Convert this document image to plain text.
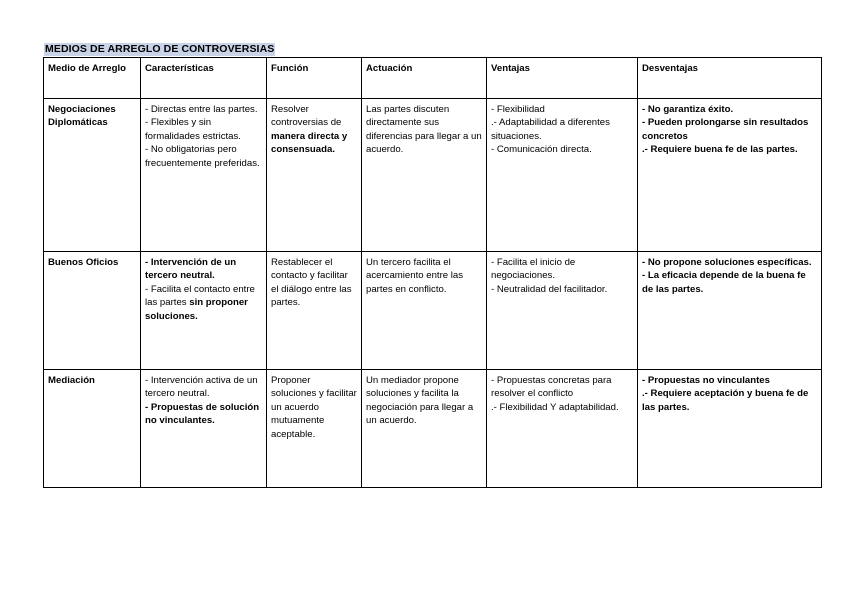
MEDIOS DE ARREGLO DE CONTROVERSIAS
Medio de Arreglo	Características	Función	Actuación	Ventajas	Desventajas
Negociaciones Diplomáticas	- Directas entre las partes.
- Flexibles y sin formalidades estrictas.
- No obligatorias pero frecuentemente preferidas.	Resolver controversias de manera directa y consensuada.	Las partes discuten directamente sus diferencias para llegar a un acuerdo.	- Flexibilidad
.- Adaptabilidad a diferentes situaciones.
- Comunicación directa.	- No garantiza éxito.
- Pueden prolongarse sin resultados concretos
.- Requiere buena fe de las partes.

Buenos Oficios	- Intervención de un tercero neutral.
- Facilita el contacto entre las partes sin proponer soluciones.	Restablecer el contacto y facilitar el diálogo entre las partes.	Un tercero facilita el acercamiento entre las partes en conflicto.	- Facilita el inicio de negociaciones.
- Neutralidad del facilitador.	- No propone soluciones específicas.
- La eficacia depende de la buena fe de las partes.

Mediación	- Intervención activa de un tercero neutral.
- Propuestas de solución no vinculantes.	Proponer soluciones y facilitar un acuerdo mutuamente aceptable.	Un mediador propone soluciones y facilita la negociación para llegar a un acuerdo.	- Propuestas concretas para resolver el conflicto
.- Flexibilidad Y adaptabilidad.	- Propuestas no vinculantes
.- Requiere aceptación y buena fe de las partes.
